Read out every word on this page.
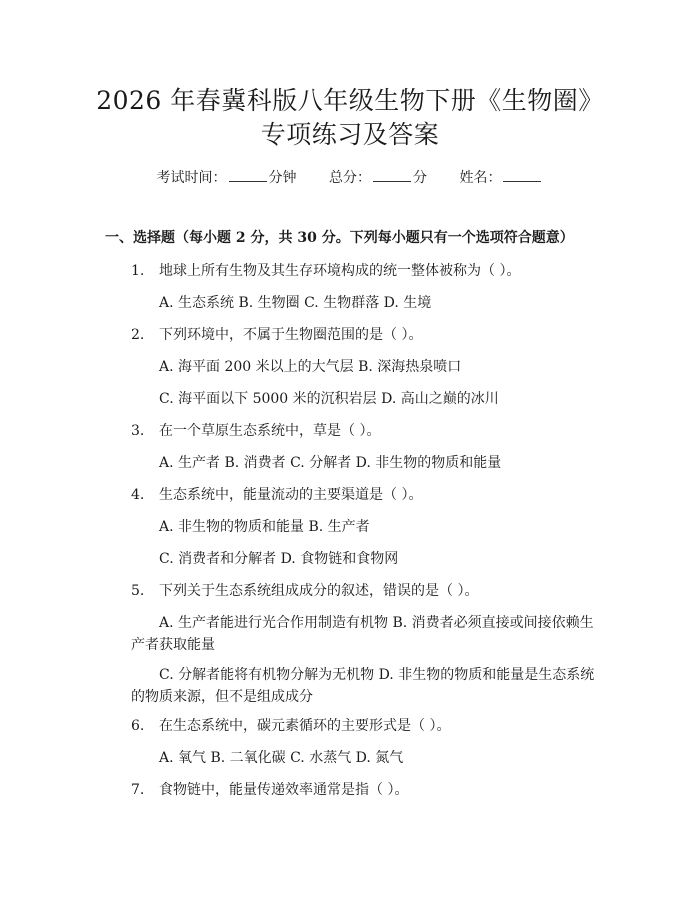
2026 年春冀科版八年级生物下册《生物圈》
专项练习及答案
考试时间：	分钟 总分：	分 姓名：
一、选择题（每小题 2 分，共 30 分。下列每小题只有一个选项符合题意）
1. 地球上所有生物及其生存环境构成的统一整体被称为（ ）。
A. 生态系统 B. 生物圈 C. 生物群落 D. 生境
2. 下列环境中，不属于生物圈范围的是（ ）。
A. 海平面 200 米以上的大气层 B. 深海热泉喷口
C. 海平面以下 5000 米的沉积岩层 D. 高山之巅的冰川
3. 在一个草原生态系统中，草是（ ）。
A. 生产者 B. 消费者 C. 分解者 D. 非生物的物质和能量
4. 生态系统中，能量流动的主要渠道是（ ）。
A. 非生物的物质和能量 B. 生产者
C. 消费者和分解者 D. 食物链和食物网
5. 下列关于生态系统组成成分的叙述，错误的是（ ）。
A. 生产者能进行光合作用制造有机物 B. 消费者必须直接或间接依赖生产者获取能量
C. 分解者能将有机物分解为无机物 D. 非生物的物质和能量是生态系统的物质来源，但不是组成成分
6. 在生态系统中，碳元素循环的主要形式是（ ）。
A. 氧气 B. 二氧化碳 C. 水蒸气 D. 氮气
7. 食物链中，能量传递效率通常是指（ ）。
